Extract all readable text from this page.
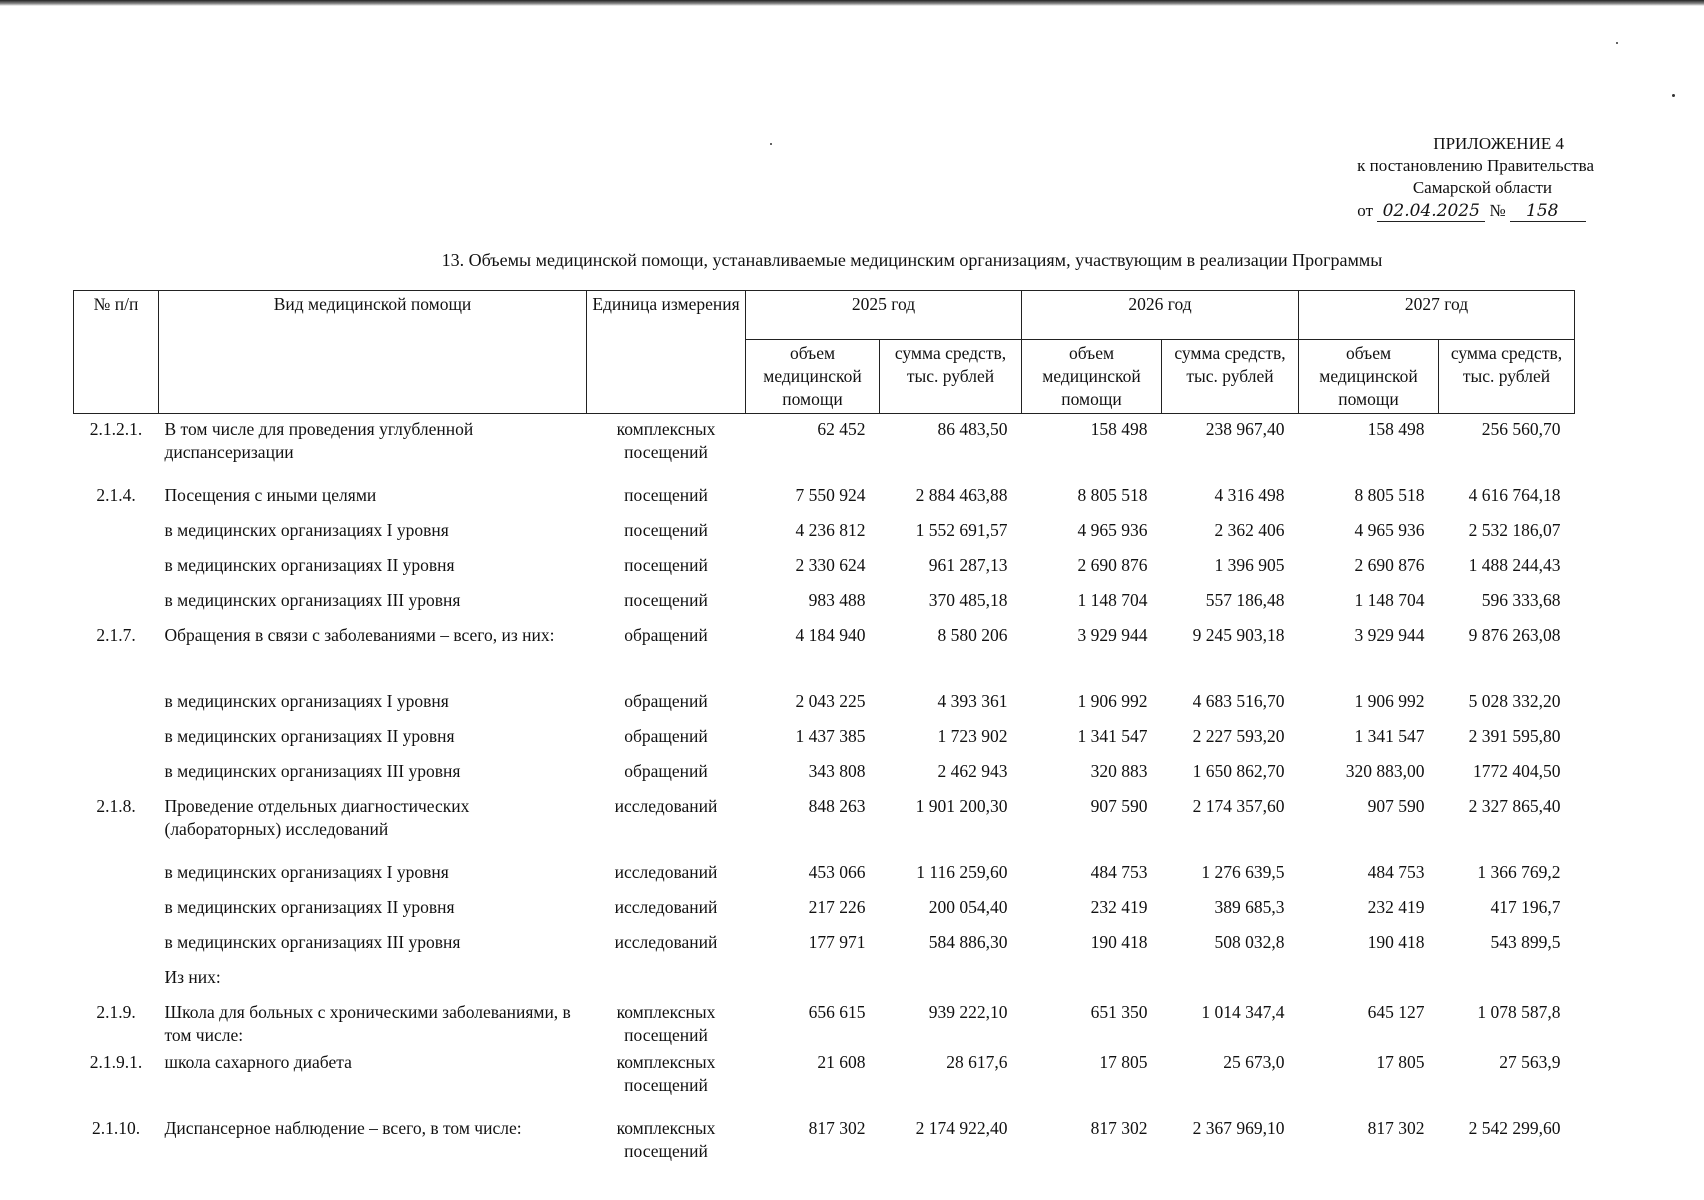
ПРИЛОЖЕНИЕ 4
к постановлению Правительства
Самарской области
от 02.04.2025 № 158
13. Объемы медицинской помощи, устанавливаемые медицинским организациям, участвующим в реализации Программы
№ п/п	Вид медицинской помощи	Единица измерения	2025 год		2026 год		2027 год	
			объем медицинской помощи	сумма средств, тыс. рублей	объем медицинской помощи	сумма средств, тыс. рублей	объем медицинской помощи	сумма средств, тыс. рублей
2.1.2.1.	В том числе для проведения углубленной диспансеризации	комплексных посещений	62 452	86 483,50	158 498	238 967,40	158 498	256 560,70
2.1.4.	Посещения с иными целями	посещений	7 550 924	2 884 463,88	8 805 518	4 316 498	8 805 518	4 616 764,18
	в медицинских организациях I уровня	посещений	4 236 812	1 552 691,57	4 965 936	2 362 406	4 965 936	2 532 186,07
	в медицинских организациях II уровня	посещений	2 330 624	961 287,13	2 690 876	1 396 905	2 690 876	1 488 244,43
	в медицинских организациях III уровня	посещений	983 488	370 485,18	1 148 704	557 186,48	1 148 704	596 333,68
2.1.7.	Обращения в связи с заболеваниями – всего, из них:	обращений	4 184 940	8 580 206	3 929 944	9 245 903,18	3 929 944	9 876 263,08
	в медицинских организациях I уровня	обращений	2 043 225	4 393 361	1 906 992	4 683 516,70	1 906 992	5 028 332,20
	в медицинских организациях II уровня	обращений	1 437 385	1 723 902	1 341 547	2 227 593,20	1 341 547	2 391 595,80
	в медицинских организациях III уровня	обращений	343 808	2 462 943	320 883	1 650 862,70	320 883,00	1772 404,50
2.1.8.	Проведение отдельных диагностических (лабораторных) исследований	исследований	848 263	1 901 200,30	907 590	2 174 357,60	907 590	2 327 865,40
	в медицинских организациях I уровня	исследований	453 066	1 116 259,60	484 753	1 276 639,5	484 753	1 366 769,2
	в медицинских организациях II уровня	исследований	217 226	200 054,40	232 419	389 685,3	232 419	417 196,7
	в медицинских организациях III уровня	исследований	177 971	584 886,30	190 418	508 032,8	190 418	543 899,5
	Из них:							
2.1.9.	Школа для больных с хроническими заболеваниями, в том числе:	комплексных посещений	656 615	939 222,10	651 350	1 014 347,4	645 127	1 078 587,8
2.1.9.1.	школа сахарного диабета	комплексных посещений	21 608	28 617,6	17 805	25 673,0	17 805	27 563,9
2.1.10.	Диспансерное наблюдение – всего, в том числе:	комплексных посещений	817 302	2 174 922,40	817 302	2 367 969,10	817 302	2 542 299,60
